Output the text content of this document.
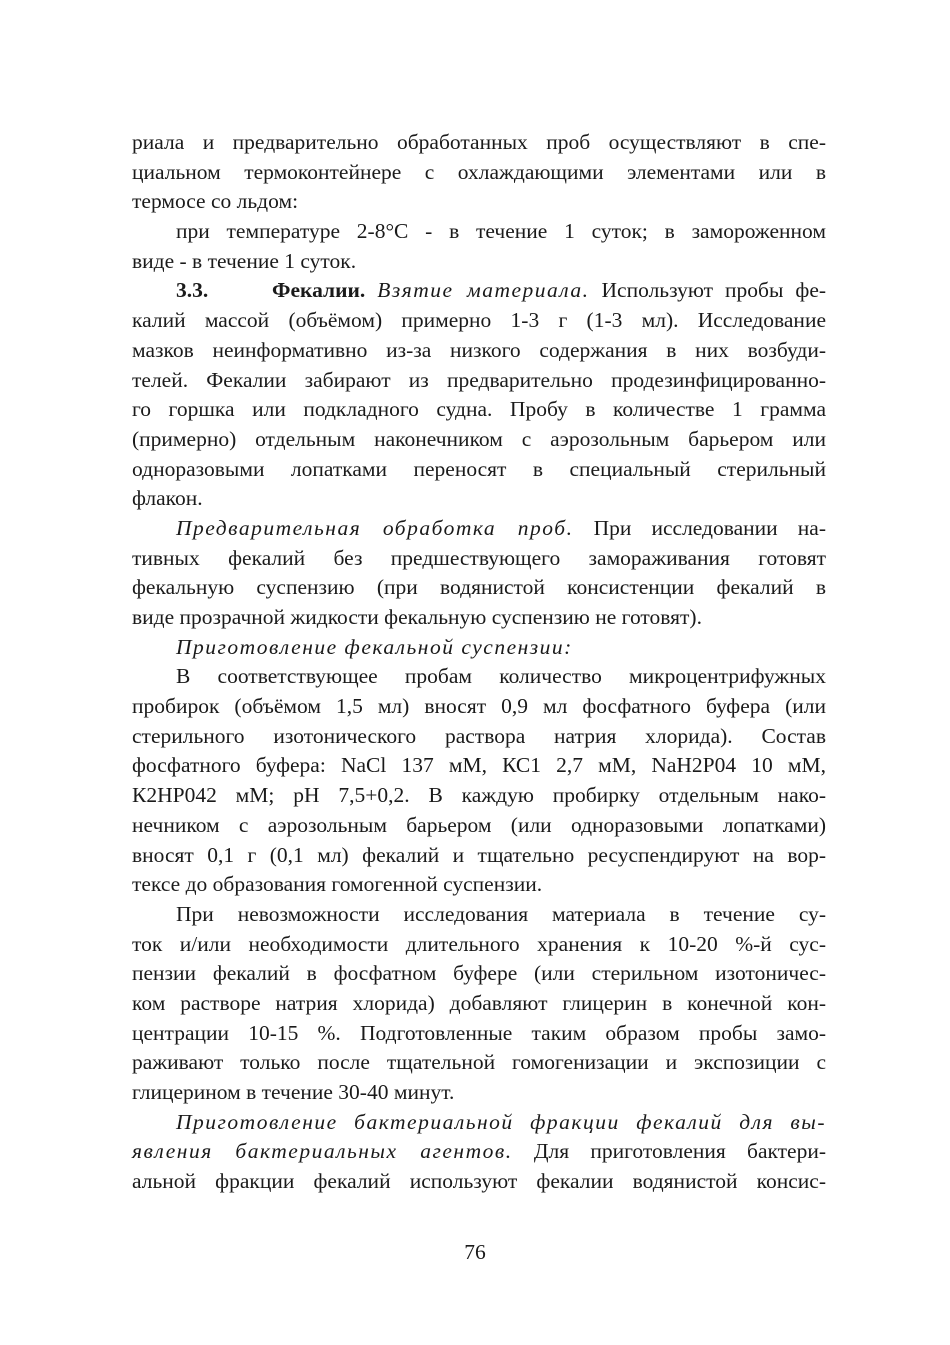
риала и предварительно обработанных проб осуществляют в спе-
циальном термоконтейнере с охлаждающими элементами или в
термосе со льдом:
при температуре 2-8°С - в течение 1 суток; в замороженном
виде - в течение 1 суток.
3.3.	Фекалии. Взятие материала. Используют пробы фе-
калий массой (объёмом) примерно 1-3 г (1-3 мл). Исследование
мазков неинформативно из-за низкого содержания в них возбуди-
телей. Фекалии забирают из предварительно продезинфицированно-
го горшка или подкладного судна. Пробу в количестве 1 грамма
(примерно) отдельным наконечником с аэрозольным барьером или
одноразовыми лопатками переносят в специальный стерильный
флакон.
Предварительная обработка проб. При исследовании на-
тивных фекалий без предшествующего замораживания готовят
фекальную суспензию (при водянистой консистенции фекалий в
виде прозрачной жидкости фекальную суспензию не готовят).
Приготовление фекальной суспензии:
В соответствующее пробам количество микроцентрифужных
пробирок (объёмом 1,5 мл) вносят 0,9 мл фосфатного буфера (или
стерильного изотонического раствора натрия хлорида). Состав
фосфатного буфера: NaCl 137 мМ, КС1 2,7 мМ, NaH2P04 10 мМ,
К2НР042 мМ; рН 7,5+0,2. В каждую пробирку отдельным нако-
нечником с аэрозольным барьером (или одноразовыми лопатками)
вносят 0,1 г (0,1 мл) фекалий и тщательно ресуспендируют на вор-
тексе до образования гомогенной суспензии.
При невозможности исследования материала в течение су-
ток и/или необходимости длительного хранения к 10-20 %-й сус-
пензии фекалий в фосфатном буфере (или стерильном изотоничес-
ком растворе натрия хлорида) добавляют глицерин в конечной кон-
центрации 10-15 %. Подготовленные таким образом пробы замо-
раживают только после тщательной гомогенизации и экспозиции с
глицерином в течение 30-40 минут.
Приготовление бактериальной фракции фекалий для вы-
явления бактериальных агентов. Для приготовления бактери-
альной фракции фекалий используют фекалии водянистой консис-
76
